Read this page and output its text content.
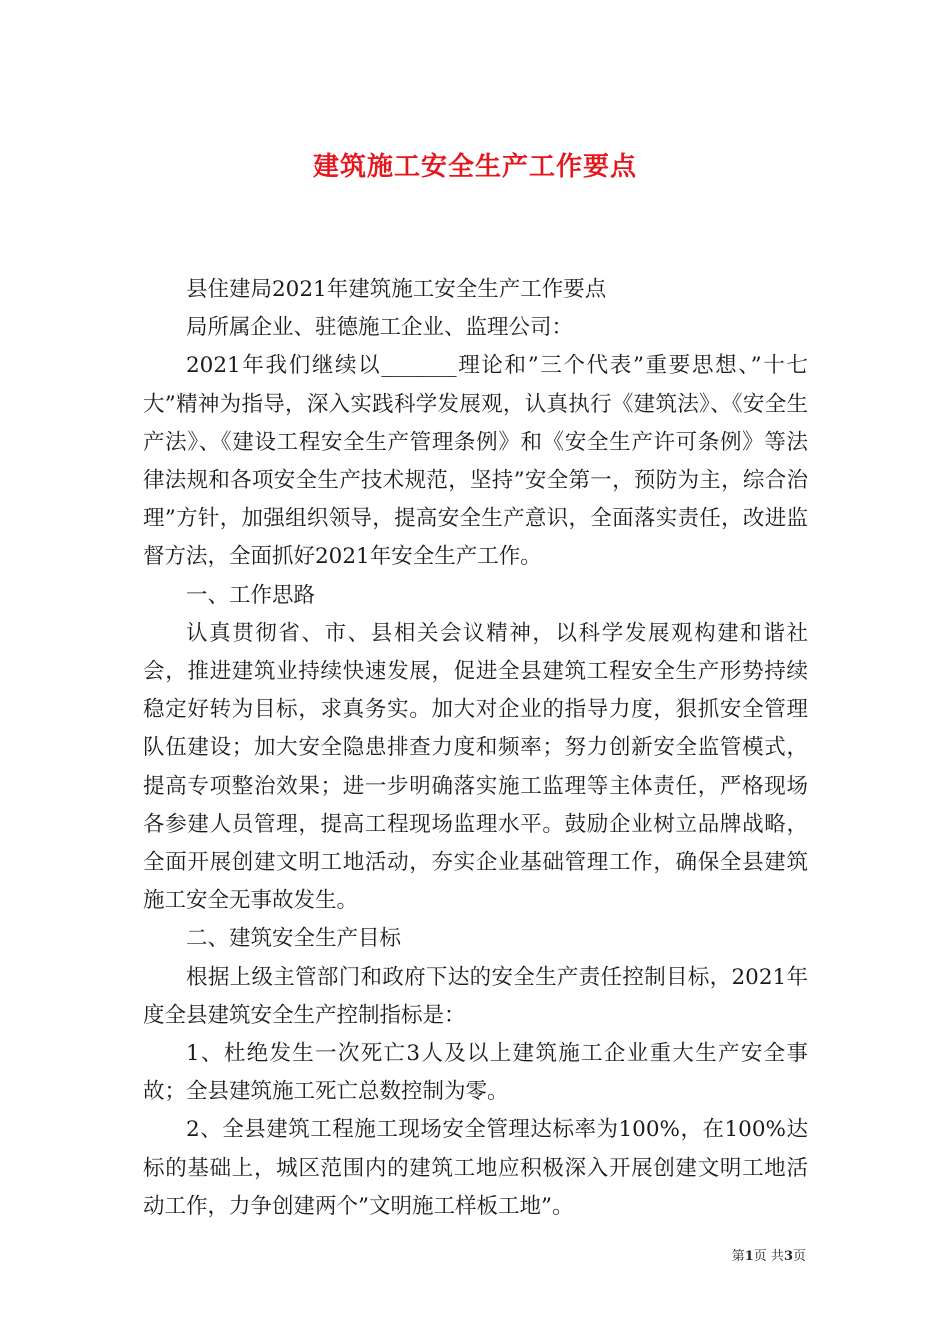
建筑施工安全生产工作要点

县住建局2021年建筑施工安全生产工作要点

局所属企业、驻德施工企业、监理公司：

2021年我们继续以_______理论和”三个代表”重要思想、”十七大”精神为指导，深入实践科学发展观，认真执行《建筑法》、《安全生产法》、《建设工程安全生产管理条例》和《安全生产许可条例》等法律法规和各项安全生产技术规范，坚持”安全第一，预防为主，综合治理”方针，加强组织领导，提高安全生产意识，全面落实责任，改进监督方法，全面抓好2021年安全生产工作。

一、工作思路

认真贯彻省、市、县相关会议精神，以科学发展观构建和谐社会，推进建筑业持续快速发展，促进全县建筑工程安全生产形势持续稳定好转为目标，求真务实。加大对企业的指导力度，狠抓安全管理队伍建设；加大安全隐患排查力度和频率；努力创新安全监管模式，提高专项整治效果；进一步明确落实施工监理等主体责任，严格现场各参建人员管理，提高工程现场监理水平。鼓励企业树立品牌战略，全面开展创建文明工地活动，夯实企业基础管理工作，确保全县建筑施工安全无事故发生。

二、建筑安全生产目标

根据上级主管部门和政府下达的安全生产责任控制目标，2021年度全县建筑安全生产控制指标是：

1、杜绝发生一次死亡3人及以上建筑施工企业重大生产安全事故；全县建筑施工死亡总数控制为零。

2、全县建筑工程施工现场安全管理达标率为100%，在100%达标的基础上，城区范围内的建筑工地应积极深入开展创建文明工地活动工作，力争创建两个”文明施工样板工地”。

第1页 共3页
